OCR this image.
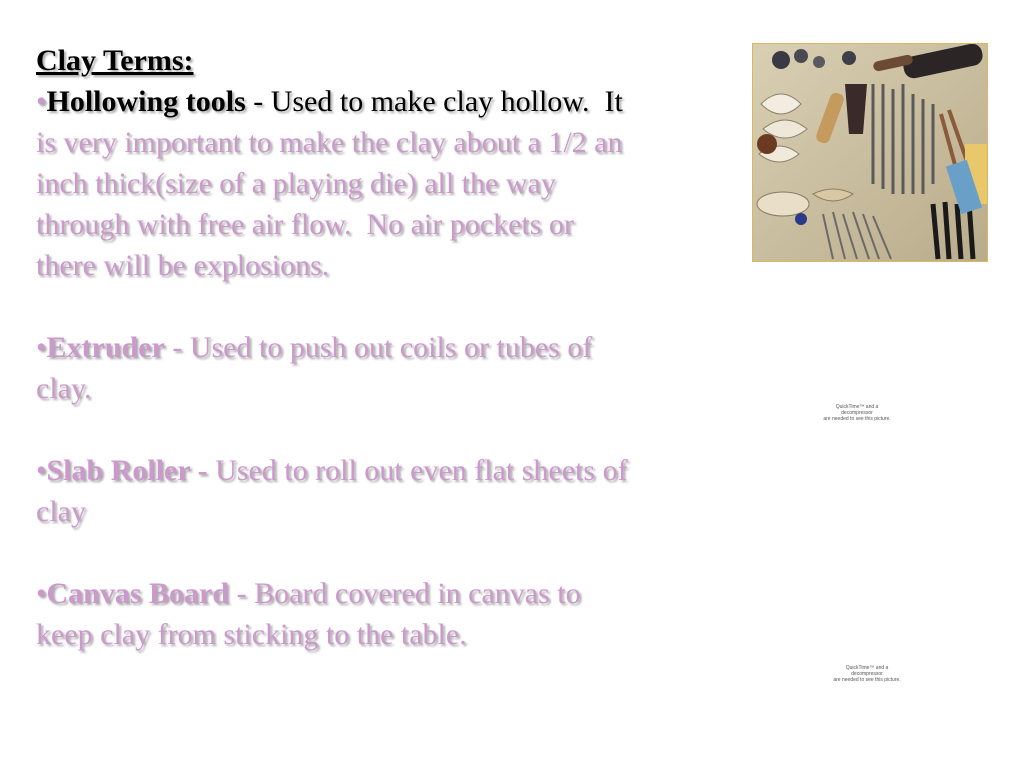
Clay Terms:
•Hollowing tools - Used to make clay hollow.  It
is very important to make the clay about a 1/2 an
inch thick(size of a playing die) all the way
through with free air flow.  No air pockets or
there will be explosions.
•Extruder - Used to push out coils or tubes of
clay.
•Slab Roller - Used to roll out even flat sheets of
clay
•Canvas Board - Board covered in canvas to
keep clay from sticking to the table.
QuickTime™ and a
decompressor
are needed to see this picture.
QuickTime™ and a
decompressor
are needed to see this picture.
